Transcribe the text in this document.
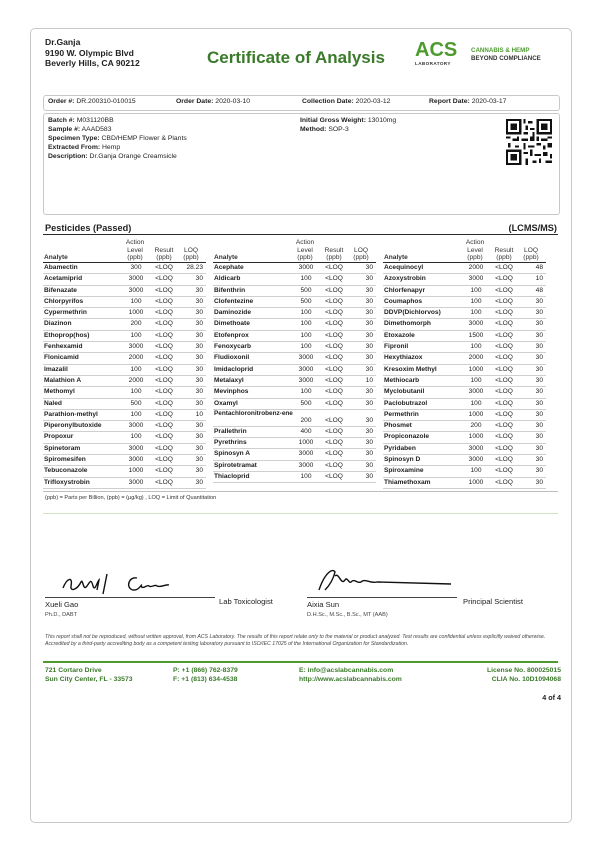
Dr.Ganja
9190 W. Olympic Blvd
Beverly Hills, CA 90212	Certificate of Analysis ACS
LABORATORY
CANNABIS & HEMP
BEYOND COMPLIANCE
Order #: DR.200310-010015	Order Date: 2020-03-10	Collection Date: 2020-03-12	Report Date: 2020-03-17
Batch #: M031120BB
Sample #: AAAD583
Specimen Type: CBD/HEMP Flower & Plants
Extracted From: Hemp
Description: Dr.Ganja Orange Creamsicle
Initial Gross Weight: 13010mg
Method: SOP-3
Pesticides (Passed)	(LCMS/MS)
Analyte
Action Level (ppb)
Result (ppb)
LOQ (ppb)
Abamectin	300	<LOQ	28.23
Acetamiprid	3000	<LOQ	30
Bifenazate	3000	<LOQ	30
Chlorpyrifos	100	<LOQ	30
Cypermethrin	1000	<LOQ	30
Diazinon	200	<LOQ	30
Ethoprop(hos)	100	<LOQ	30
Fenhexamid	3000	<LOQ	30
Flonicamid	2000	<LOQ	30
Imazalil	100	<LOQ	30
Malathion A	2000	<LOQ	30
Methomyl	100	<LOQ	30
Naled	500	<LOQ	30
Parathion-methyl	100	<LOQ	10
Piperonylbutoxide	3000	<LOQ	30
Propoxur	100	<LOQ	30
Spinetoram	3000	<LOQ	30
Spiromesifen	3000	<LOQ	30
Tebuconazole	1000	<LOQ	30
Trifloxystrobin	3000	<LOQ	30
Analyte
Action Level (ppb)
Result (ppb)
LOQ (ppb)
Acephate	3000	<LOQ	30
Aldicarb	100	<LOQ	30
Bifenthrin	500	<LOQ	30
Clofentezine	500	<LOQ	30
Daminozide	100	<LOQ	30
Dimethoate	100	<LOQ	30
Etofenprox	100	<LOQ	30
Fenoxycarb	100	<LOQ	30
Fludioxonil	3000	<LOQ	30
Imidacloprid	3000	<LOQ	30
Metalaxyl	3000	<LOQ	10
Mevinphos	100	<LOQ	30
Oxamyl	500	<LOQ	30
Pentachloronitrobenz-ene
200	<LOQ	30
Prallethrin	400	<LOQ	30
Pyrethrins	1000	<LOQ	30
Spinosyn A	3000	<LOQ	30
Spirotetramat	3000	<LOQ	30
Thiacloprid	100	<LOQ	30
Analyte
Action Level (ppb)
Result (ppb)
LOQ (ppb)
Acequinocyl	2000	<LOQ	48
Azoxystrobin	3000	<LOQ	10
Chlorfenapyr	100	<LOQ	48
Coumaphos	100	<LOQ	30
DDVP(Dichlorvos)	100	<LOQ	30
Dimethomorph	3000	<LOQ	30
Etoxazole	1500	<LOQ	30
Fipronil	100	<LOQ	30
Hexythiazox	2000	<LOQ	30
Kresoxim Methyl	1000	<LOQ	30
Methiocarb	100	<LOQ	30
Myclobutanil	3000	<LOQ	30
Paclobutrazol	100	<LOQ	30
Permethrin	1000	<LOQ	30
Phosmet	200	<LOQ	30
Propiconazole	1000	<LOQ	30
Pyridaben	3000	<LOQ	30
Spinosyn D	3000	<LOQ	30
Spiroxamine	100	<LOQ	30
Thiamethoxam	1000	<LOQ	30
(ppb) = Parts per Billion, (ppb) = (µg/kg) , LOQ = Limit of Quantitation
Xueli Gao
Ph.D., DABT
Lab Toxicologist	Aixia Sun
D.H.Sc., M.Sc., B.Sc., MT (AAB)
Principal Scientist
This report shall not be reproduced, without written approval, from ACS Laboratory. The results of this report relate only to the material or product analyzed. Test results are confidential unless explicitly waived otherwise. Accredited by a third-party accrediting body as a competent testing laboratory pursuant to ISO/IEC 17025 of the International Organization for Standardization.
721 Cortaro Drive
Sun City Center, FL - 33573
P: +1 (866) 762-8379
F: +1 (813) 634-4538
E: info@acslabcannabis.com
http://www.acslabcannabis.com
License No. 800025015
CLIA No. 10D1094068
4 of 4
